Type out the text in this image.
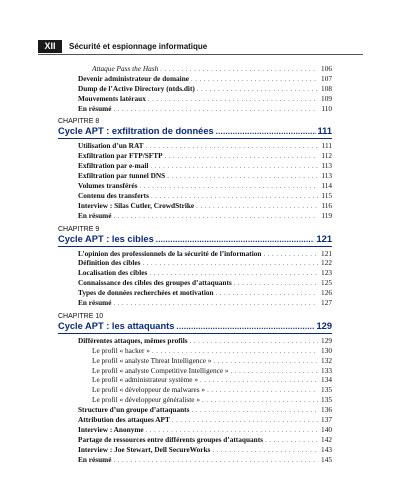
XII	Sécurité et espionnage informatique
Attaque Pass the Hash . . .	106
Devenir administrateur de domaine . . .	107
Dump de l’Active Directory (ntds.dit) . . .	108
Mouvements latéraux . . .	109
En résumé . . .	110
CHAPITRE 8
Cycle APT : exfiltration de données .....	111
Utilisation d’un RAT . . .	111
Exfiltration par FTP/SFTP . . .	112
Exfiltration par e-mail . . .	113
Exfiltration par tunnel DNS . . .	113
Volumes transférés . . .	114
Contenu des transferts . . .	115
Interview : Silas Cutler, CrowdStrike . . .	116
En résumé . . .	119
CHAPITRE 9
Cycle APT : les cibles .....	121
L’opinion des professionnels de la sécurité de l’information . . .	121
Définition des cibles . . .	122
Localisation des cibles . . .	123
Connaissance des cibles des groupes d’attaquants . . .	125
Types de données recherchées et motivation . . .	126
En résumé . . .	127
CHAPITRE 10
Cycle APT : les attaquants .....	129
Différentes attaques, mêmes profils . . .	129
Le profil « hacker » . . .	130
Le profil « analyste Threat Intelligence » . . .	132
Le profil « analyste Competitive Intelligence » . . .	133
Le profil « administrateur système » . . .	134
Le profil « développeur de malwares » . . .	135
Le profil « développeur généraliste » . . .	135
Structure d’un groupe d’attaquants . . .	136
Attribution des attaques APT . . .	137
Interview : Anonyme . . .	140
Partage de ressources entre différents groupes d’attaquants . . .	142
Interview : Joe Stewart, Dell SecureWorks . . .	143
En résumé . . .	145
